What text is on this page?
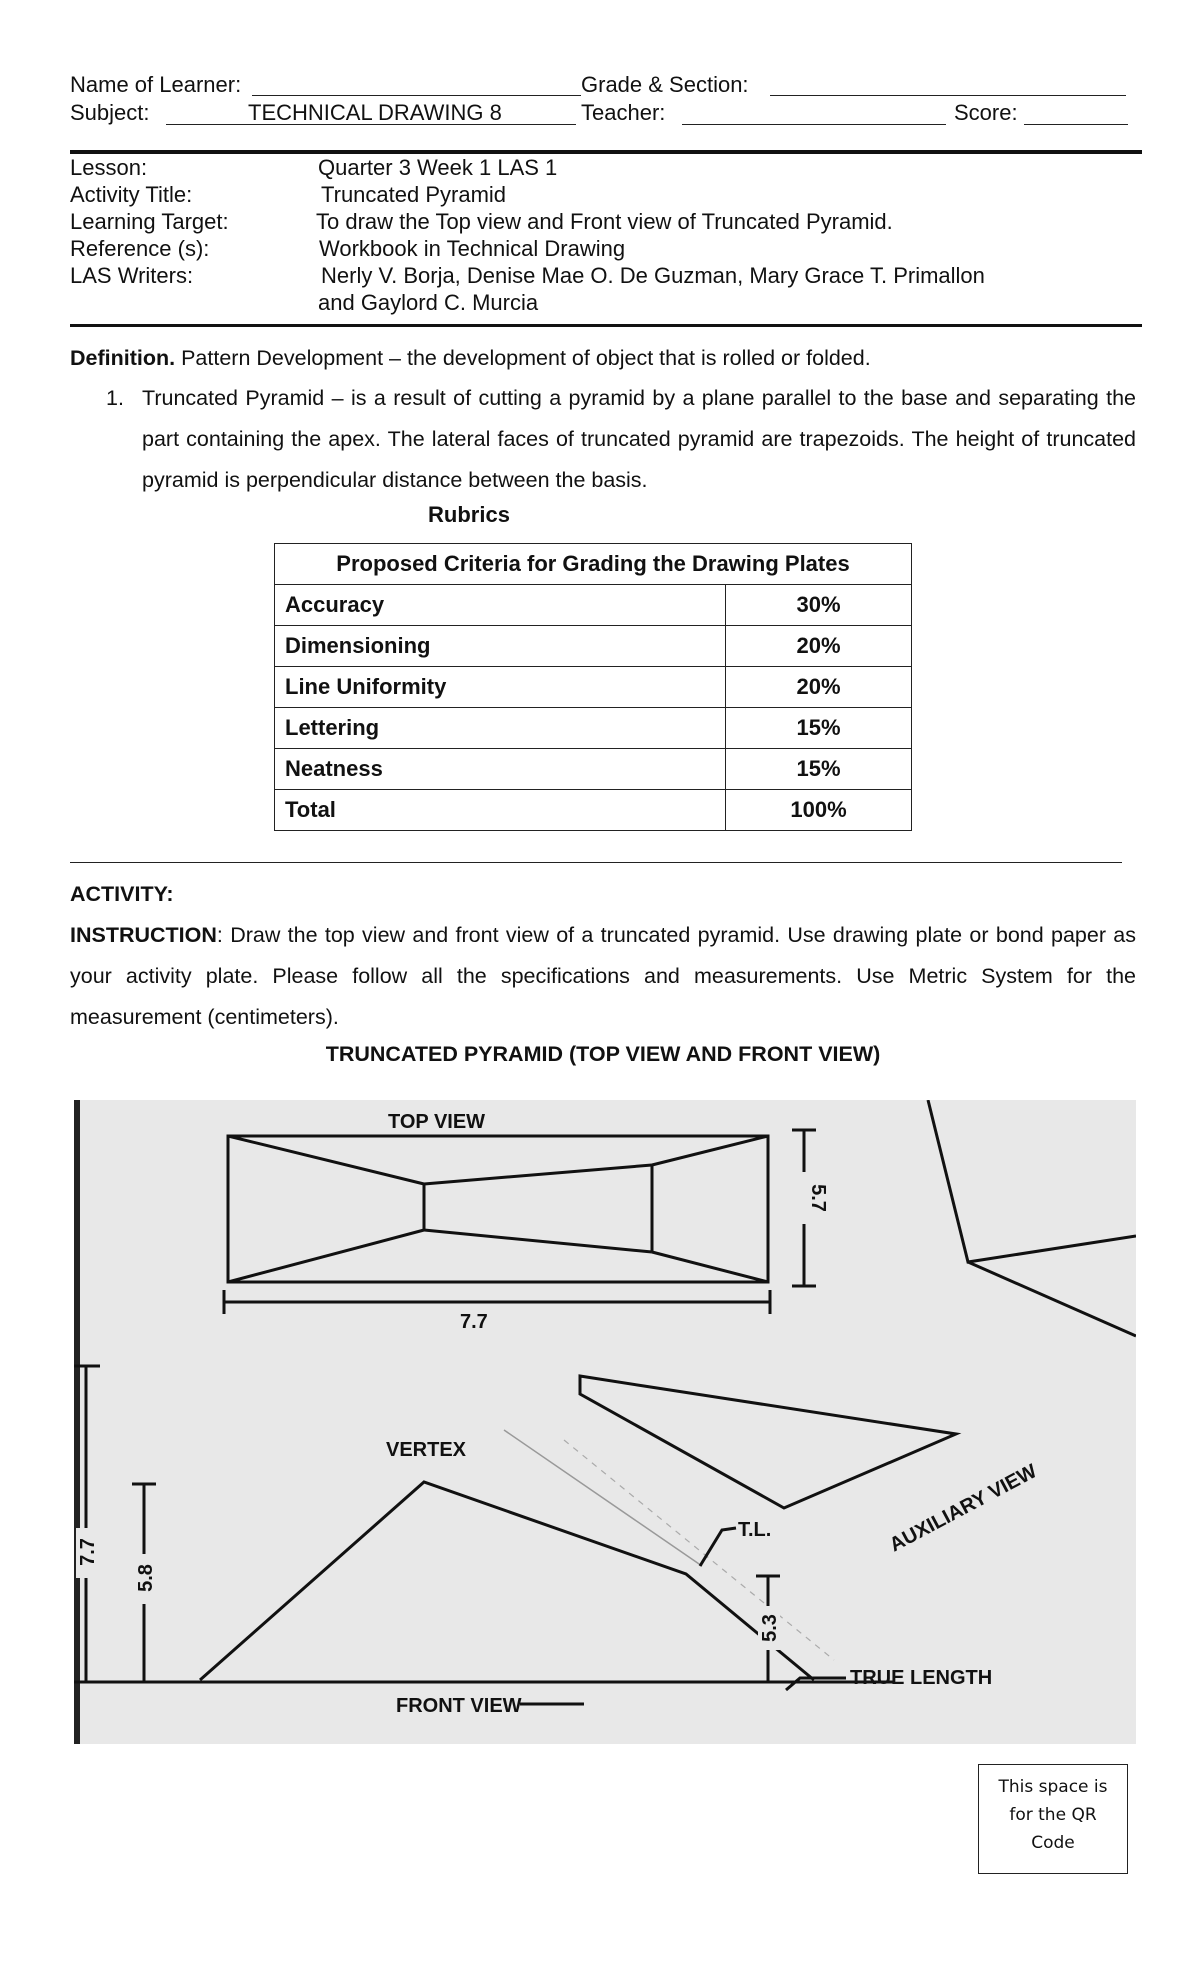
Name of Learner:	Grade & Section:
Subject:	TECHNICAL DRAWING 8	Teacher:	Score:
Lesson:	Quarter 3 Week 1 LAS 1
Activity Title:	Truncated Pyramid
Learning Target:	To draw the Top view and Front view of Truncated Pyramid.
Reference (s):	Workbook in Technical Drawing
LAS Writers:	Nerly V. Borja, Denise Mae O. De Guzman, Mary Grace T. Primallon
and Gaylord C. Murcia
Definition. Pattern Development – the development of object that is rolled or folded.
1. Truncated Pyramid – is a result of cutting a pyramid by a plane parallel to the base and separating the part containing the apex. The lateral faces of truncated pyramid are trapezoids. The height of truncated pyramid is perpendicular distance between the basis.
Rubrics
Proposed Criteria for Grading the Drawing Plates	
Accuracy	30%
Dimensioning	20%
Line Uniformity	20%
Lettering	15%
Neatness	15%
Total	100%
ACTIVITY:
INSTRUCTION: Draw the top view and front view of a truncated pyramid. Use drawing plate or bond paper as your activity plate. Please follow all the specifications and measurements. Use Metric System for the measurement (centimeters).
TRUNCATED PYRAMID (TOP VIEW AND FRONT VIEW)
TOP VIEW
7.7
5.7
AUXILIARY VIEW
VERTEX
FRONT VIEW
7.7
5.8
5.3
T.L.
TRUE LENGTH
This space is
for the QR
Code
